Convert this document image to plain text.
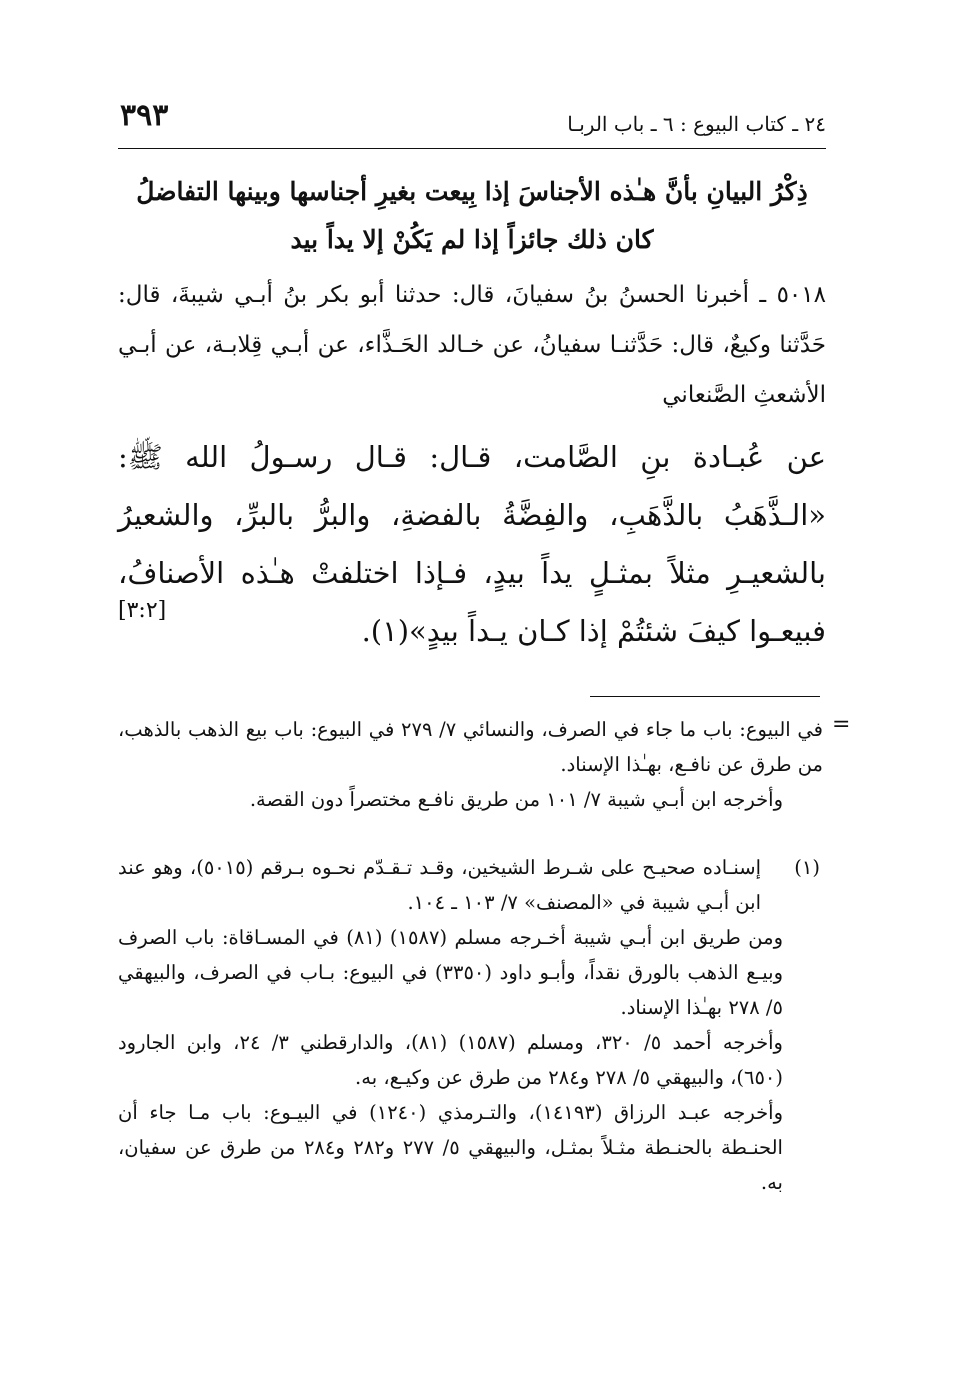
٢٤ ـ كتاب البيوع : ٦ ـ باب الربـا
٣٩٣
ذِكْرُ البيانِ بأنَّ هـٰذه الأجناسَ إذا بِيعت بغيرِ أجناسها وبينها التفاضلُ
كان ذلك جائزاً إذا لم يَكُنْ إلا يداً بيد
٥٠١٨ ـ أخبرنا الحسنُ بنُ سفيانَ، قال: حدثنا أبو بكر بنُ أبـي شيبةَ، قال: حَدَّثنا وكيعٌ، قال: حَدَّثنـا سفيانُ، عن خـالد الحَـذَّاء، عن أبـي قِلابـة، عن أبـي الأشعثِ الصَّنعاني
عن عُبـادة بنِ الصَّامت، قـال: قـال رسـولُ الله ﷺ: «الـذَّهَبُ بالذَّهَبِ، والفِضَّةُ بالفضةِ، والبرُّ بالبرِّ، والشعيرُ بالشعيـرِ مثلاً بمثـلٍ يداً بيدٍ، فـإذا اختلفتْ هـٰذه الأصنافُ، فبيعـوا كيفَ شئتُمْ إذا كـان يـداً بيدٍ»(١).
[٣:٢]
=

في البيوع: باب ما جاء في الصرف، والنسائي ٧/ ٢٧٩ في البيوع: باب بيع الذهب بالذهب، من طرق عن نافـع، بهـٰذا الإسناد.

وأخرجه ابن أبـي شيبة ٧/ ١٠١ من طريق نافـع مختصراً دون القصة.

إسنـاده صحيـح على شـرط الشيخين، وقـد تـقـدّم نحـوه بـرقم (٥٠١٥)، وهو عند ابن أبـي شيبة في «المصنف» ٧/ ١٠٣ ـ ١٠٤.

ومن طريق ابن أبـي شيبة أخـرجه مسلم (١٥٨٧) (٨١) في المسـاقاة: باب الصرف وبيـع الذهب بالورق نقداً، وأبـو داود (٣٣٥٠) في البيوع: بـاب في الصرف، والبيهقي ٥/ ٢٧٨ بهـٰذا الإسناد.

وأخرجه أحمد ٥/ ٣٢٠، ومسلم (١٥٨٧) (٨١)، والدارقطني ٣/ ٢٤، وابن الجارود (٦٥٠)، والبيهقي ٥/ ٢٧٨ و٢٨٤ من طرق عن وكيـع، به.

وأخرجه عبـد الرزاق (١٤١٩٣)، والتـرمذي (١٢٤٠) في البيـوع: باب مـا جاء أن الحنـطة بالحنـطة مثـلاً بمثـل، والبيهقي ٥/ ٢٧٧ و٢٨٢ و٢٨٤ من طرق عن سفيان، به.

(١)
